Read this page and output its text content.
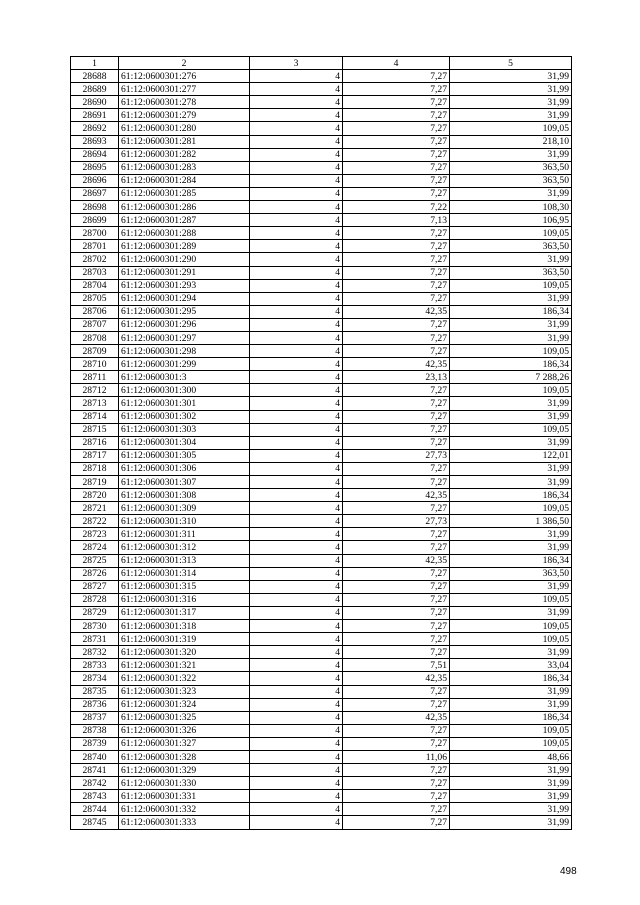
1	2	3	4	5
28688	61:12:0600301:276	4	7,27	31,99
28689	61:12:0600301:277	4	7,27	31,99
28690	61:12:0600301:278	4	7,27	31,99
28691	61:12:0600301:279	4	7,27	31,99
28692	61:12:0600301:280	4	7,27	109,05
28693	61:12:0600301:281	4	7,27	218,10
28694	61:12:0600301:282	4	7,27	31,99
28695	61:12:0600301:283	4	7,27	363,50
28696	61:12:0600301:284	4	7,27	363,50
28697	61:12:0600301:285	4	7,27	31,99
28698	61:12:0600301:286	4	7,22	108,30
28699	61:12:0600301:287	4	7,13	106,95
28700	61:12:0600301:288	4	7,27	109,05
28701	61:12:0600301:289	4	7,27	363,50
28702	61:12:0600301:290	4	7,27	31,99
28703	61:12:0600301:291	4	7,27	363,50
28704	61:12:0600301:293	4	7,27	109,05
28705	61:12:0600301:294	4	7,27	31,99
28706	61:12:0600301:295	4	42,35	186,34
28707	61:12:0600301:296	4	7,27	31,99
28708	61:12:0600301:297	4	7,27	31,99
28709	61:12:0600301:298	4	7,27	109,05
28710	61:12:0600301:299	4	42,35	186,34
28711	61:12:0600301:3	4	23,13	7 288,26
28712	61:12:0600301:300	4	7,27	109,05
28713	61:12:0600301:301	4	7,27	31,99
28714	61:12:0600301:302	4	7,27	31,99
28715	61:12:0600301:303	4	7,27	109,05
28716	61:12:0600301:304	4	7,27	31,99
28717	61:12:0600301:305	4	27,73	122,01
28718	61:12:0600301:306	4	7,27	31,99
28719	61:12:0600301:307	4	7,27	31,99
28720	61:12:0600301:308	4	42,35	186,34
28721	61:12:0600301:309	4	7,27	109,05
28722	61:12:0600301:310	4	27,73	1 386,50
28723	61:12:0600301:311	4	7,27	31,99
28724	61:12:0600301:312	4	7,27	31,99
28725	61:12:0600301:313	4	42,35	186,34
28726	61:12:0600301:314	4	7,27	363,50
28727	61:12:0600301:315	4	7,27	31,99
28728	61:12:0600301:316	4	7,27	109,05
28729	61:12:0600301:317	4	7,27	31,99
28730	61:12:0600301:318	4	7,27	109,05
28731	61:12:0600301:319	4	7,27	109,05
28732	61:12:0600301:320	4	7,27	31,99
28733	61:12:0600301:321	4	7,51	33,04
28734	61:12:0600301:322	4	42,35	186,34
28735	61:12:0600301:323	4	7,27	31,99
28736	61:12:0600301:324	4	7,27	31,99
28737	61:12:0600301:325	4	42,35	186,34
28738	61:12:0600301:326	4	7,27	109,05
28739	61:12:0600301:327	4	7,27	109,05
28740	61:12:0600301:328	4	11,06	48,66
28741	61:12:0600301:329	4	7,27	31,99
28742	61:12:0600301:330	4	7,27	31,99
28743	61:12:0600301:331	4	7,27	31,99
28744	61:12:0600301:332	4	7,27	31,99
28745	61:12:0600301:333	4	7,27	31,99
498
